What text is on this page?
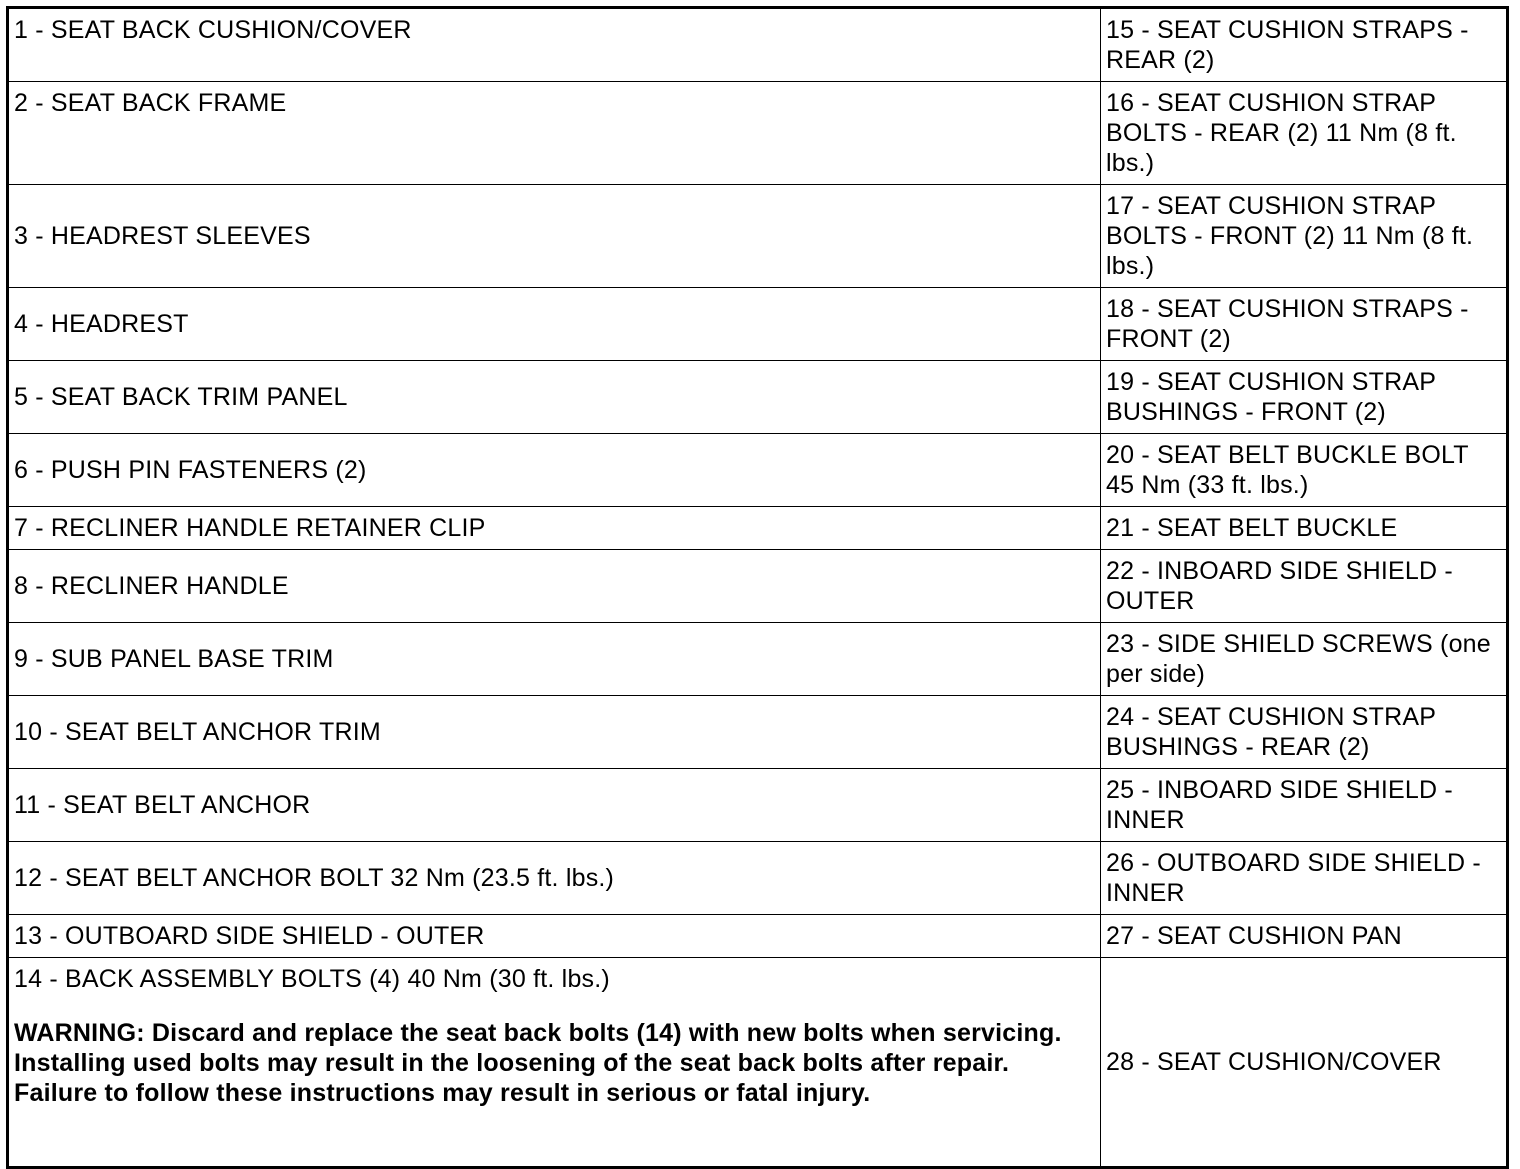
1 - SEAT BACK CUSHION/COVER	15 - SEAT CUSHION STRAPS - REAR (2)
2 - SEAT BACK FRAME	16 - SEAT CUSHION STRAP BOLTS - REAR (2) 11 Nm (8 ft. lbs.)
3 - HEADREST SLEEVES	17 - SEAT CUSHION STRAP BOLTS - FRONT (2) 11 Nm (8 ft. lbs.)
4 - HEADREST	18 - SEAT CUSHION STRAPS - FRONT (2)
5 - SEAT BACK TRIM PANEL	19 - SEAT CUSHION STRAP BUSHINGS - FRONT (2)
6 - PUSH PIN FASTENERS (2)	20 - SEAT BELT BUCKLE BOLT 45 Nm (33 ft. lbs.)
7 - RECLINER HANDLE RETAINER CLIP	21 - SEAT BELT BUCKLE
8 - RECLINER HANDLE	22 - INBOARD SIDE SHIELD - OUTER
9 - SUB PANEL BASE TRIM	23 - SIDE SHIELD SCREWS (one per side)
10 - SEAT BELT ANCHOR TRIM	24 - SEAT CUSHION STRAP BUSHINGS - REAR (2)
11 - SEAT BELT ANCHOR	25 - INBOARD SIDE SHIELD - INNER
12 - SEAT BELT ANCHOR BOLT 32 Nm (23.5 ft. lbs.)	26 - OUTBOARD SIDE SHIELD - INNER
13 - OUTBOARD SIDE SHIELD - OUTER	27 - SEAT CUSHION PAN

14 - BACK ASSEMBLY BOLTS (4) 40 Nm (30 ft. lbs.)
WARNING: Discard and replace the seat back bolts (14) with new bolts when servicing. Installing used bolts may result in the loosening of the seat back bolts after repair. Failure to follow these instructions may result in serious or fatal injury.	28 - SEAT CUSHION/COVER
